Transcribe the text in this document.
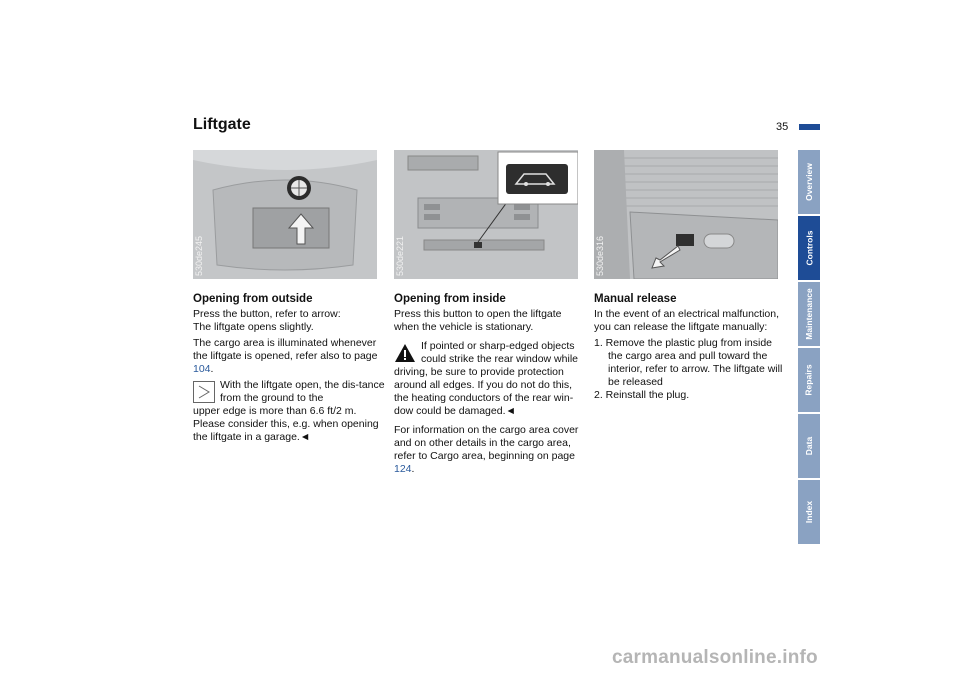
Liftgate	35
530de245	530de221	530de316
Opening from outside

Press the button, refer to arrow:
The liftgate opens slightly.

The cargo area is illuminated whenever the liftgate is opened, refer also to page 104.

With the liftgate open, the dis-tance from the ground to the
upper edge is more than 6.6 ft/2 m. Please consider this, e.g. when opening the liftgate in a garage.◄
Opening from inside

Press this button to open the liftgate when the vehicle is stationary.

If pointed or sharp-edged objects could strike the rear window while
driving, be sure to provide protection around all edges. If you do not do this, the heating conductors of the rear win-dow could be damaged.◄

For information on the cargo area cover and on other details in the cargo area, refer to Cargo area, beginning on page 124.

Manual release

In the event of an electrical malfunction, you can release the liftgate manually:

1. Remove the plastic plug from inside the cargo area and pull toward the interior, refer to arrow. The liftgate will be released
2. Reinstall the plug.
Overview
Controls
Maintenance
Repairs
Data
Index
carmanualsonline.info
